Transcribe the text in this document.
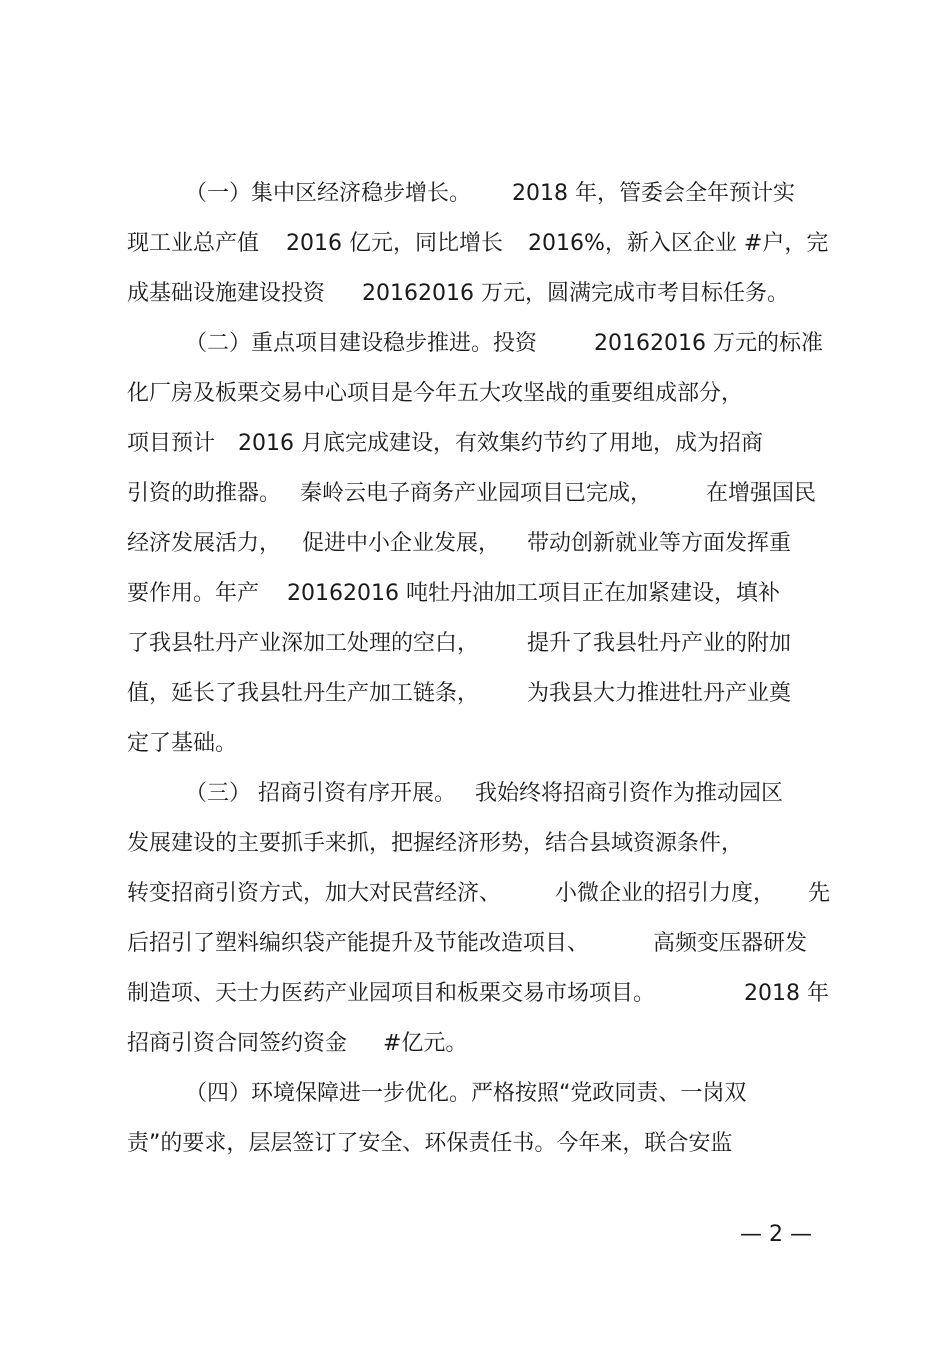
（一）集中区经济稳步增长。 2018 年，管委会全年预计实
现工业总产值 2016 亿元，同比增长 2016%，新入区企业 #户，完
成基础设施建设投资 20162016 万元，圆满完成市考目标任务。
（二）重点项目建设稳步推进。投资	20162016 万元的标准
化厂房及板栗交易中心项目是今年五大攻坚战的重要组成部分，
项目预计 2016 月底完成建设，有效集约节约了用地，成为招商
引资的助推器。 秦岭云电子商务产业园项目已完成， 在增强国民
经济发展活力， 促进中小企业发展， 带动创新就业等方面发挥重
要作用。年产 20162016 吨牡丹油加工项目正在加紧建设，填补
了我县牡丹产业深加工处理的空白， 提升了我县牡丹产业的附加
值，延长了我县牡丹生产加工链条， 为我县大力推进牡丹产业奠
定了基础。
（三） 招商引资有序开展。 我始终将招商引资作为推动园区
发展建设的主要抓手来抓，把握经济形势，结合县域资源条件，
转变招商引资方式，加大对民营经济、 小微企业的招引力度， 先
后招引了塑料编织袋产能提升及节能改造项目、	高频变压器研发
制造项、天士力医药产业园项目和板栗交易市场项目。	2018 年
招商引资合同签约资金 #亿元。
（四）环境保障进一步优化。严格按照“党政同责、一岗双
责”的要求，层层签订了安全、环保责任书。今年来，联合安监
— 2 —
